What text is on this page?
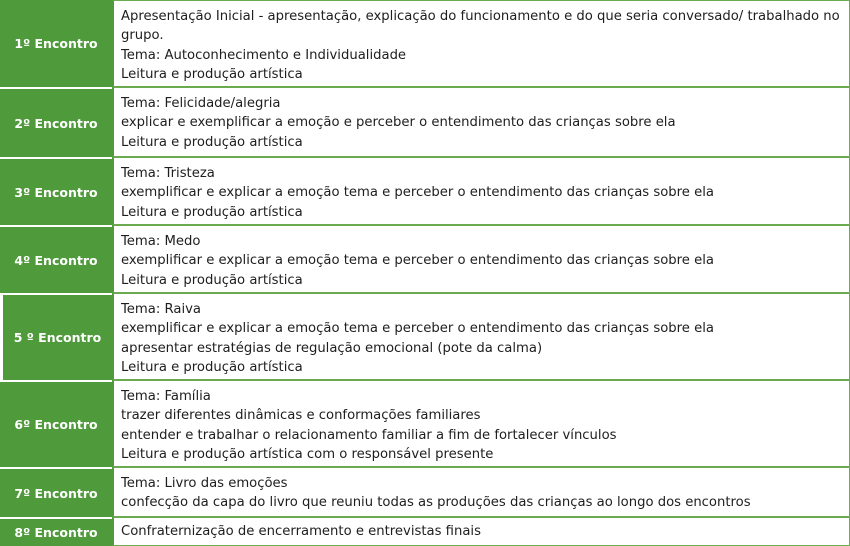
1º Encontro
Apresentação Inicial - apresentação, explicação do funcionamento e do que seria conversado/ trabalhado no grupo.
Tema: Autoconhecimento e Individualidade
Leitura e produção artística
2º Encontro
Tema: Felicidade/alegria
explicar e exemplificar a emoção e perceber o entendimento das crianças sobre ela
Leitura e produção artística
3º Encontro
Tema: Tristeza
exemplificar e explicar a emoção tema e perceber o entendimento das crianças sobre ela
Leitura e produção artística
4º Encontro
Tema: Medo
exemplificar e explicar a emoção tema e perceber o entendimento das crianças sobre ela
Leitura e produção artística
5 º Encontro
Tema: Raiva
exemplificar e explicar a emoção tema e perceber o entendimento das crianças sobre ela
apresentar estratégias de regulação emocional (pote da calma)
Leitura e produção artística
6º Encontro
Tema: Família
trazer diferentes dinâmicas e conformações familiares
entender e trabalhar o relacionamento familiar a fim de fortalecer vínculos
Leitura e produção artística com o responsável presente
7º Encontro
Tema: Livro das emoções
confecção da capa do livro que reuniu todas as produções das crianças ao longo dos encontros
8º Encontro	Confraternização de encerramento e entrevistas finais
